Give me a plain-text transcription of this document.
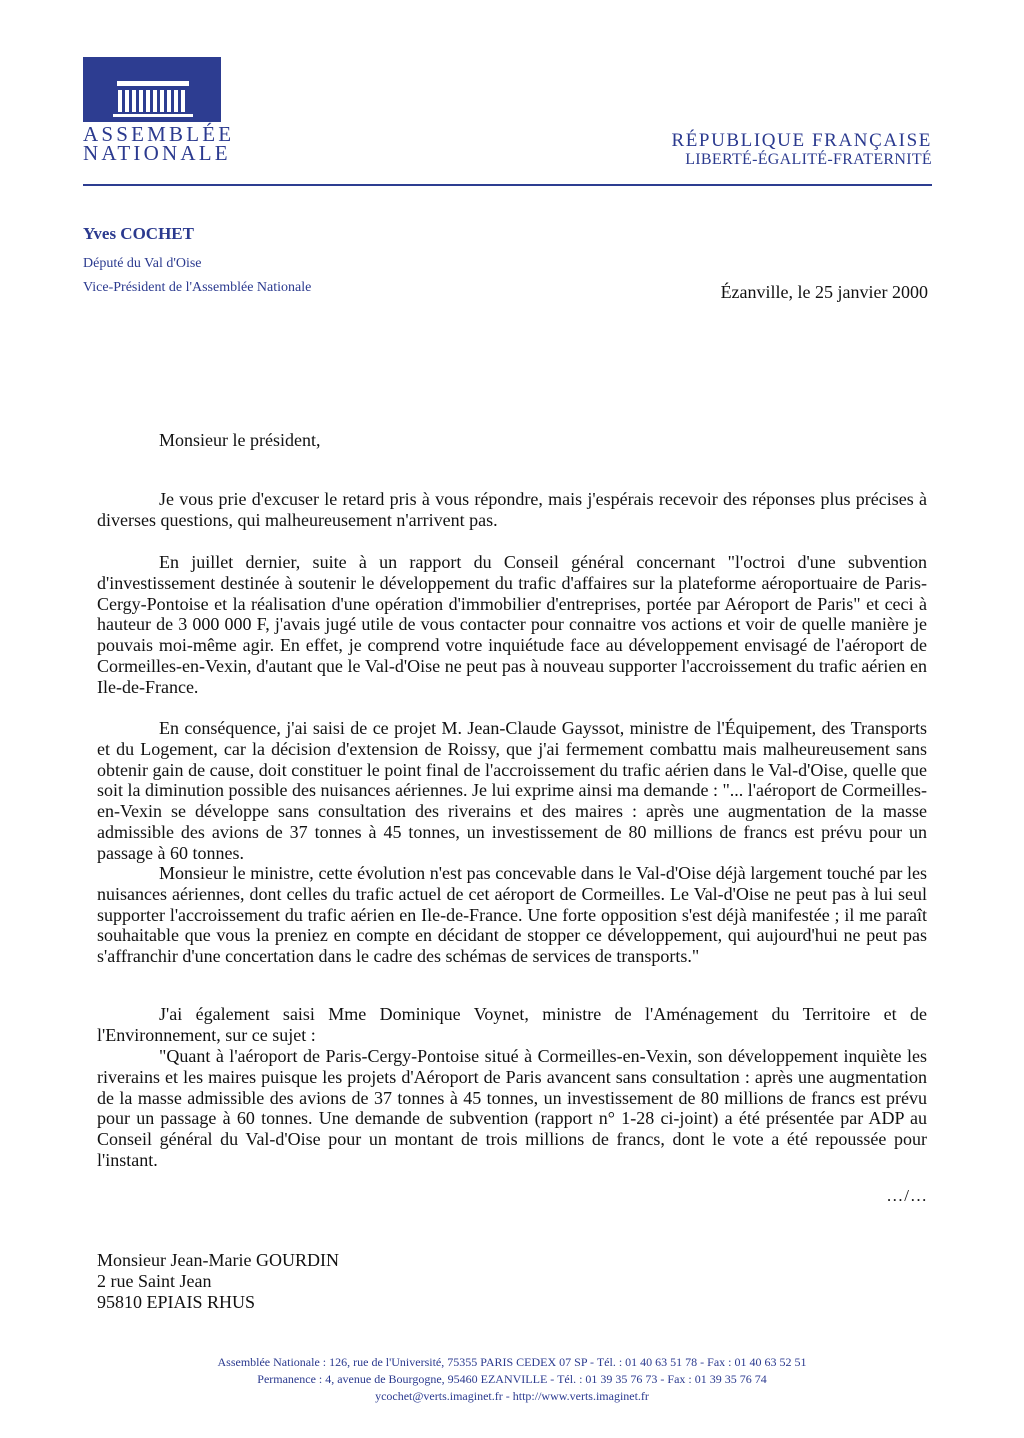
ASSEMBLÉE
NATIONALE
RÉPUBLIQUE FRANÇAISE
LIBERTÉ-ÉGALITÉ-FRATERNITÉ
Yves COCHET
Député du Val d'Oise
Vice-Président de l'Assemblée Nationale	Ézanville, le 25 janvier 2000
Monsieur le président,
Je vous prie d'excuser le retard pris à vous répondre, mais j'espérais recevoir des réponses plus précises à diverses questions, qui malheureusement n'arrivent pas.
En juillet dernier, suite à un rapport du Conseil général concernant "l'octroi d'une subvention d'investissement destinée à soutenir le développement du trafic d'affaires sur la plateforme aéroportuaire de Paris-Cergy-Pontoise et la réalisation d'une opération d'immobilier d'entreprises, portée par Aéroport de Paris" et ceci à hauteur de 3 000 000 F, j'avais jugé utile de vous contacter pour connaitre vos actions et voir de quelle manière je pouvais moi-même agir. En effet, je comprend votre inquiétude face au développement envisagé de l'aéroport de Cormeilles-en-Vexin, d'autant que le Val-d'Oise ne peut pas à nouveau supporter l'accroissement du trafic aérien en Ile-de-France.
En conséquence, j'ai saisi de ce projet M. Jean-Claude Gayssot, ministre de l'Équipement, des Transports et du Logement, car la décision d'extension de Roissy, que j'ai fermement combattu mais malheureusement sans obtenir gain de cause, doit constituer le point final de l'accroissement du trafic aérien dans le Val-d'Oise, quelle que soit la diminution possible des nuisances aériennes. Je lui exprime ainsi ma demande : "... l'aéroport de Cormeilles-en-Vexin se développe sans consultation des riverains et des maires : après une augmentation de la masse admissible des avions de 37 tonnes à 45 tonnes, un investissement de 80 millions de francs est prévu pour un passage à 60 tonnes.
Monsieur le ministre, cette évolution n'est pas concevable dans le Val-d'Oise déjà largement touché par les nuisances aériennes, dont celles du trafic actuel de cet aéroport de Cormeilles. Le Val-d'Oise ne peut pas à lui seul supporter l'accroissement du trafic aérien en Ile-de-France. Une forte opposition s'est déjà manifestée ; il me paraît souhaitable que vous la preniez en compte en décidant de stopper ce développement, qui aujourd'hui ne peut pas s'affranchir d'une concertation dans le cadre des schémas de services de transports."
J'ai également saisi Mme Dominique Voynet, ministre de l'Aménagement du Territoire et de l'Environnement, sur ce sujet :
"Quant à l'aéroport de Paris-Cergy-Pontoise situé à Cormeilles-en-Vexin, son développement inquiète les riverains et les maires puisque les projets d'Aéroport de Paris avancent sans consultation : après une augmentation de la masse admissible des avions de 37 tonnes à 45 tonnes, un investissement de 80 millions de francs est prévu pour un passage à 60 tonnes. Une demande de subvention (rapport n° 1-28 ci-joint) a été présentée par ADP au Conseil général du Val-d'Oise pour un montant de trois millions de francs, dont le vote a été repoussée pour l'instant.
…/…
Monsieur Jean-Marie GOURDIN
2 rue Saint Jean
95810 EPIAIS RHUS
Assemblée Nationale : 126, rue de l'Université, 75355 PARIS CEDEX 07 SP - Tél. : 01 40 63 51 78 - Fax : 01 40 63 52 51
Permanence : 4, avenue de Bourgogne, 95460 EZANVILLE - Tél. : 01 39 35 76 73 - Fax : 01 39 35 76 74
ycochet@verts.imaginet.fr - http://www.verts.imaginet.fr
